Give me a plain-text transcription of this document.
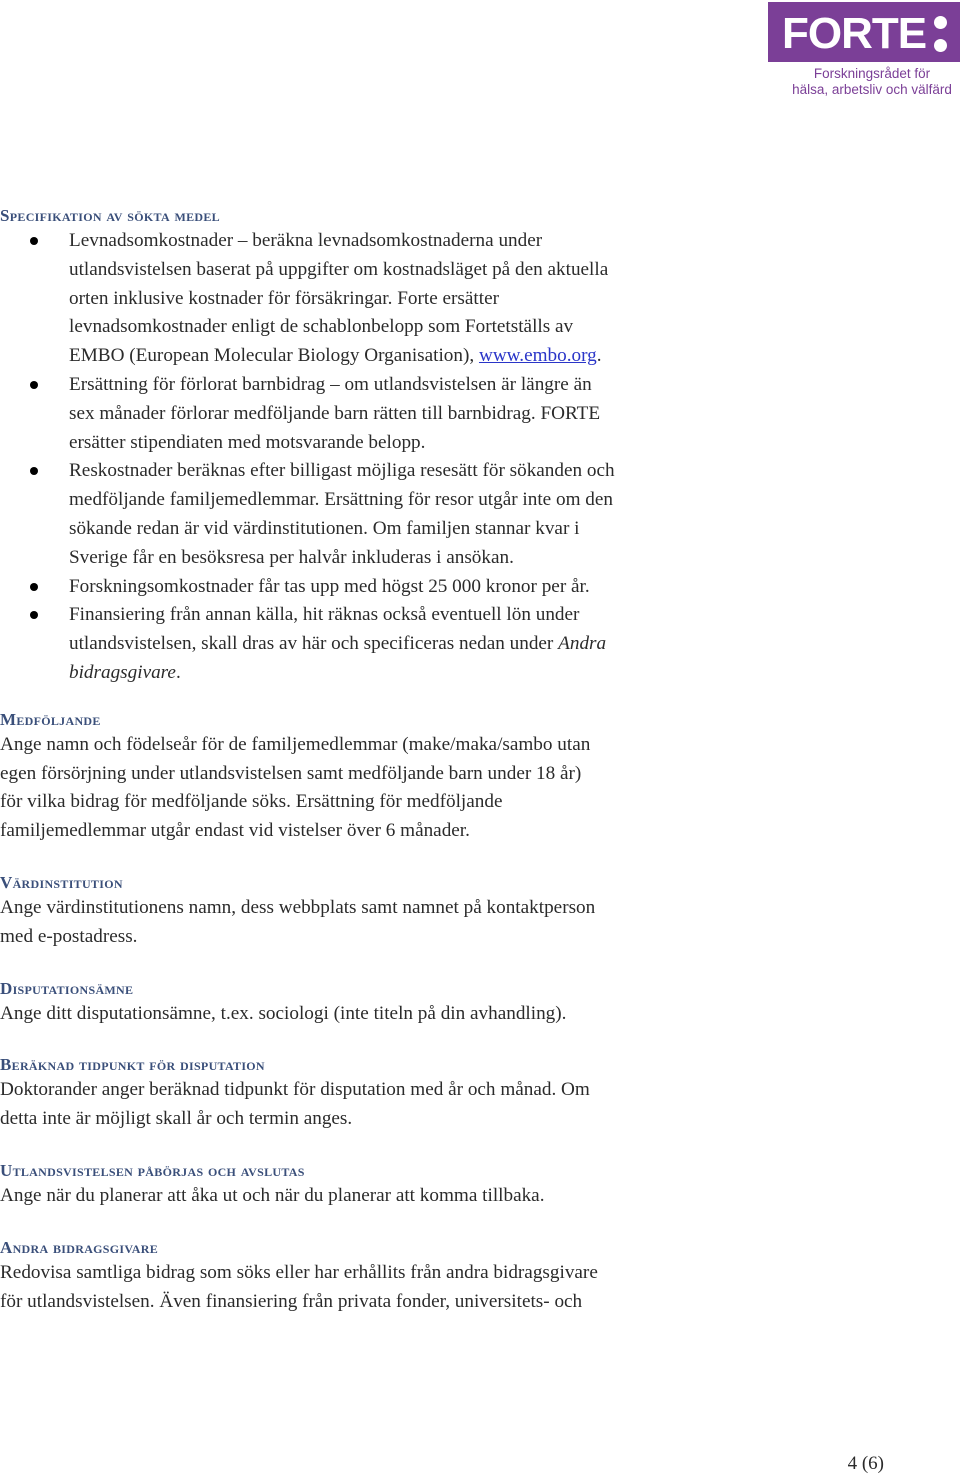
FORTE
Forskningsrådet för
hälsa, arbetsliv och välfärd
Specifikation av sökta medel
Levnadsomkostnader – beräkna levnadsomkostnaderna under
utlandsvistelsen baserat på uppgifter om kostnadsläget på den aktuella
orten inklusive kostnader för försäkringar. Forte ersätter
levnadsomkostnader enligt de schablonbelopp som Fortetställs av
EMBO (European Molecular Biology Organisation), www.embo.org.
Ersättning för förlorat barnbidrag – om utlandsvistelsen är längre än
sex månader förlorar medföljande barn rätten till barnbidrag. FORTE
ersätter stipendiaten med motsvarande belopp.
Reskostnader beräknas efter billigast möjliga resesätt för sökanden och
medföljande familjemedlemmar. Ersättning för resor utgår inte om den
sökande redan är vid värdinstitutionen. Om familjen stannar kvar i
Sverige får en besöksresa per halvår inkluderas i ansökan.
Forskningsomkostnader får tas upp med högst 25 000 kronor per år.
Finansiering från annan källa, hit räknas också eventuell lön under
utlandsvistelsen, skall dras av här och specificeras nedan under Andra
bidragsgivare.
Medföljande

Ange namn och födelseår för de familjemedlemmar (make/maka/sambo utan
egen försörjning under utlandsvistelsen samt medföljande barn under 18 år)
för vilka bidrag för medföljande söks. Ersättning för medföljande
familjemedlemmar utgår endast vid vistelser över 6 månader.

Värdinstitution

Ange värdinstitutionens namn, dess webbplats samt namnet på kontaktperson
med e-postadress.

Disputationsämne

Ange ditt disputationsämne, t.ex. sociologi (inte titeln på din avhandling).

Beräknad tidpunkt för disputation

Doktorander anger beräknad tidpunkt för disputation med år och månad. Om
detta inte är möjligt skall år och termin anges.

Utlandsvistelsen påbörjas och avslutas

Ange när du planerar att åka ut och när du planerar att komma tillbaka.

Andra bidragsgivare

Redovisa samtliga bidrag som söks eller har erhållits från andra bidragsgivare
för utlandsvistelsen. Även finansiering från privata fonder, universitets- och

4 (6)
